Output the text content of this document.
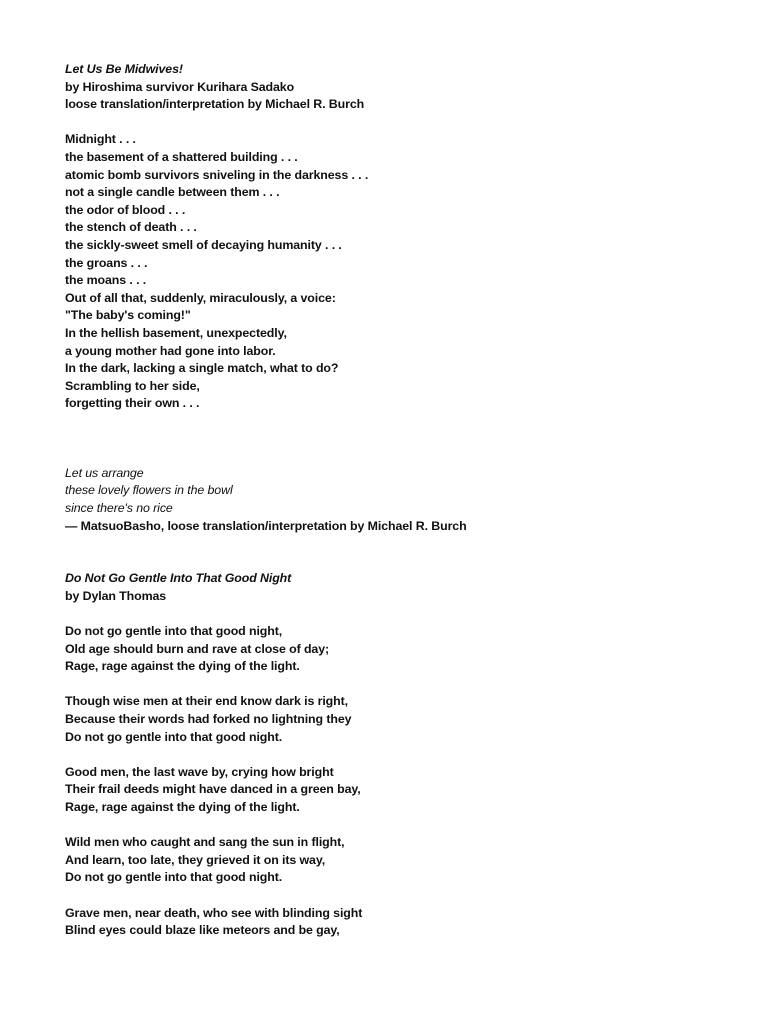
Let Us Be Midwives!
by Hiroshima survivor Kurihara Sadako
loose translation/interpretation by Michael R. Burch
Midnight . . .
the basement of a shattered building . . .
atomic bomb survivors sniveling in the darkness . . .
not a single candle between them . . .
the odor of blood . . .
the stench of death . . .
the sickly-sweet smell of decaying humanity . . .
the groans . . .
the moans . . .
Out of all that, suddenly, miraculously, a voice:
"The baby's coming!"
In the hellish basement, unexpectedly,
a young mother had gone into labor.
In the dark, lacking a single match, what to do?
Scrambling to her side,
forgetting their own . . .
Let us arrange
these lovely flowers in the bowl
since there's no rice
— MatsuoBasho, loose translation/interpretation by Michael R. Burch
Do Not Go Gentle Into That Good Night
by Dylan Thomas
Do not go gentle into that good night,
Old age should burn and rave at close of day;
Rage, rage against the dying of the light.
Though wise men at their end know dark is right,
Because their words had forked no lightning they
Do not go gentle into that good night.
Good men, the last wave by, crying how bright
Their frail deeds might have danced in a green bay,
Rage, rage against the dying of the light.
Wild men who caught and sang the sun in flight,
And learn, too late, they grieved it on its way,
Do not go gentle into that good night.
Grave men, near death, who see with blinding sight
Blind eyes could blaze like meteors and be gay,
